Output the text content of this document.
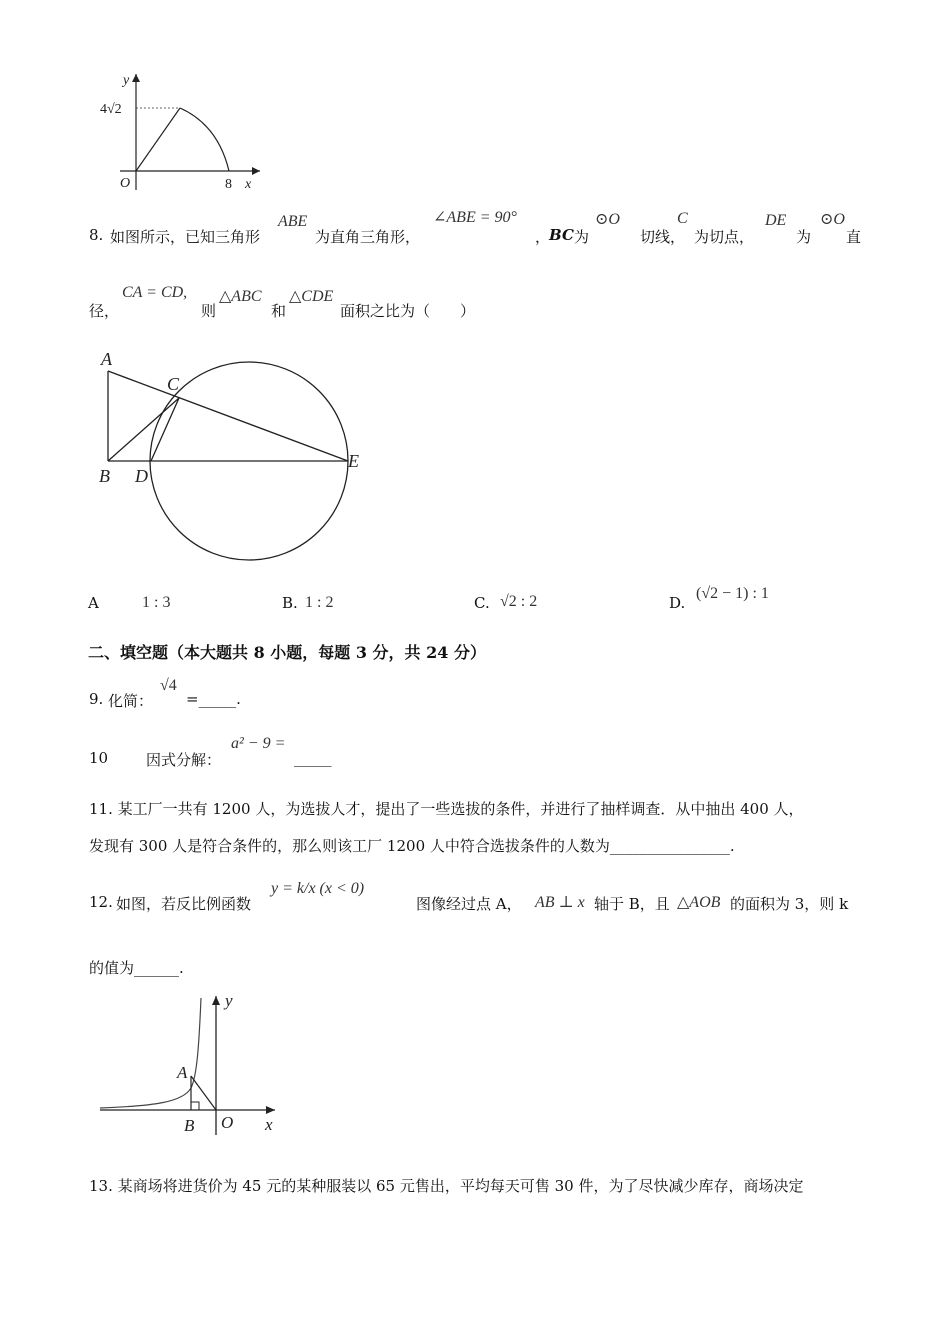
y
4√2
O	8 x
8. 如图所示，已知三角形
ABE
为直角三角形，
∠ABE = 90°
，
BC 为
⊙O
切线，
C
为切点，
DE
为
⊙O
直
径，
CA = CD,
则
△ABC
和
△CDE
面积之比为（　　）
A
C
B D
E
A	1 : 3	B. 1 : 2	C. √2 : 2	D.
(√2 − 1) : 1
二、填空题（本大题共 8 小题，每题 3 分，共 24 分）
9. 化简：
√4
=_____.
10	因式分解：
a² − 9 =
_____
11. 某工厂一共有 1200 人，为选拔人才，提出了一些选拔的条件，并进行了抽样调查．从中抽出 400 人，
发现有 300 人是符合条件的，那么则该工厂 1200 人中符合选拔条件的人数为________________.
12. 如图，若反比例函数
y = k/x (x < 0)
图像经过点 A， AB ⊥ x 轴于 B，且 △AOB 的面积为 3，则 k
的值为______.
y
A
B O x
13. 某商场将进货价为 45 元的某种服装以 65 元售出，平均每天可售 30 件，为了尽快减少库存，商场决定
